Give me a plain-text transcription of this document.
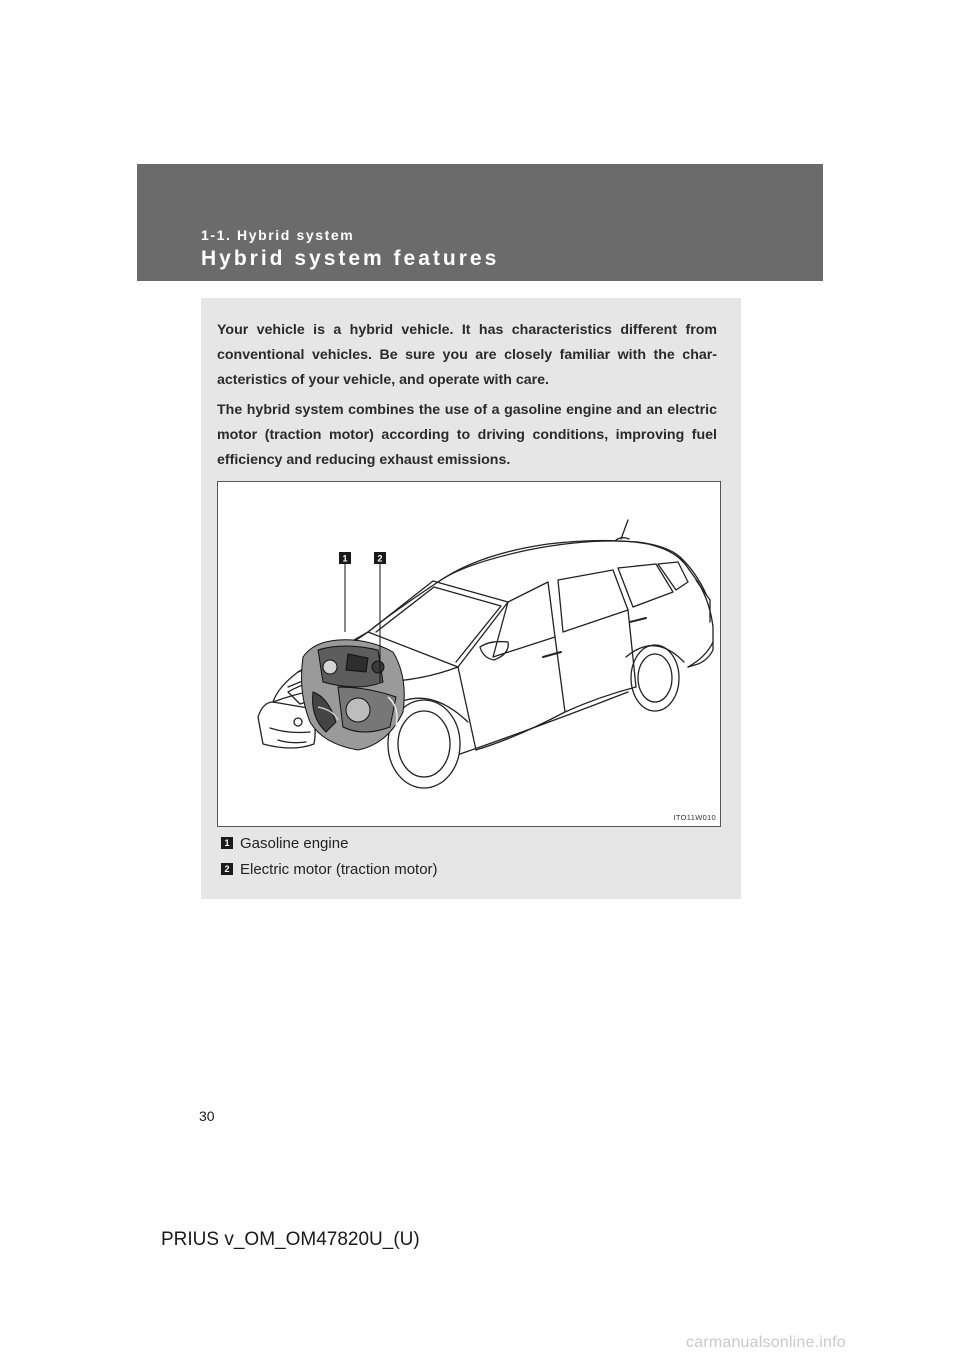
1-1. Hybrid system
Hybrid system features
Your vehicle is a hybrid vehicle. It has characteristics different from conventional vehicles. Be sure you are closely familiar with the char-acteristics of your vehicle, and operate with care.
The hybrid system combines the use of a gasoline engine and an electric motor (traction motor) according to driving conditions, improving fuel efficiency and reducing exhaust emissions.
1	2
ITO11W010
1 Gasoline engine
2 Electric motor (traction motor)
30
PRIUS v_OM_OM47820U_(U)
carmanualsonline.info
